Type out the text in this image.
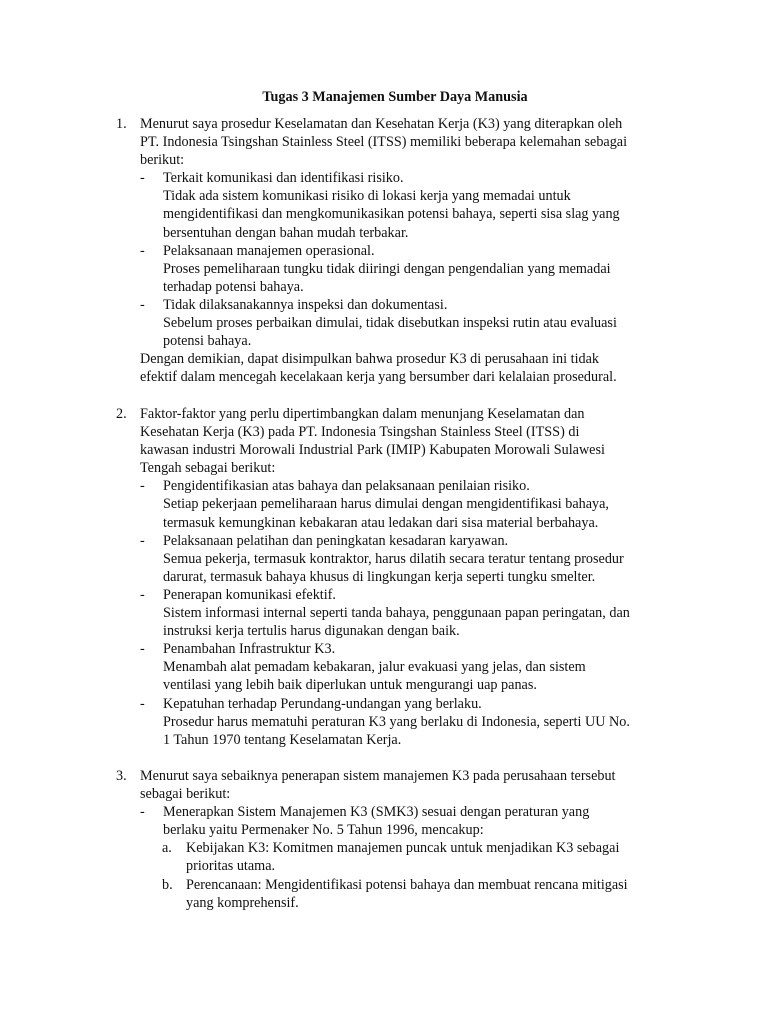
Tugas 3 Manajemen Sumber Daya Manusia
1. Menurut saya prosedur Keselamatan dan Kesehatan Kerja (K3) yang diterapkan oleh
PT. Indonesia Tsingshan Stainless Steel (ITSS) memiliki beberapa kelemahan sebagai
berikut:
- Terkait komunikasi dan identifikasi risiko.
Tidak ada sistem komunikasi risiko di lokasi kerja yang memadai untuk
mengidentifikasi dan mengkomunikasikan potensi bahaya, seperti sisa slag yang
bersentuhan dengan bahan mudah terbakar.
- Pelaksanaan manajemen operasional.
Proses pemeliharaan tungku tidak diiringi dengan pengendalian yang memadai
terhadap potensi bahaya.
- Tidak dilaksanakannya inspeksi dan dokumentasi.
Sebelum proses perbaikan dimulai, tidak disebutkan inspeksi rutin atau evaluasi
potensi bahaya.
Dengan demikian, dapat disimpulkan bahwa prosedur K3 di perusahaan ini tidak
efektif dalam mencegah kecelakaan kerja yang bersumber dari kelalaian prosedural.
2. Faktor-faktor yang perlu dipertimbangkan dalam menunjang Keselamatan dan
Kesehatan Kerja (K3) pada PT. Indonesia Tsingshan Stainless Steel (ITSS) di
kawasan industri Morowali Industrial Park (IMIP) Kabupaten Morowali Sulawesi
Tengah sebagai berikut:
- Pengidentifikasian atas bahaya dan pelaksanaan penilaian risiko.
Setiap pekerjaan pemeliharaan harus dimulai dengan mengidentifikasi bahaya,
termasuk kemungkinan kebakaran atau ledakan dari sisa material berbahaya.
- Pelaksanaan pelatihan dan peningkatan kesadaran karyawan.
Semua pekerja, termasuk kontraktor, harus dilatih secara teratur tentang prosedur
darurat, termasuk bahaya khusus di lingkungan kerja seperti tungku smelter.
- Penerapan komunikasi efektif.
Sistem informasi internal seperti tanda bahaya, penggunaan papan peringatan, dan
instruksi kerja tertulis harus digunakan dengan baik.
- Penambahan Infrastruktur K3.
Menambah alat pemadam kebakaran, jalur evakuasi yang jelas, dan sistem
ventilasi yang lebih baik diperlukan untuk mengurangi uap panas.
- Kepatuhan terhadap Perundang-undangan yang berlaku.
Prosedur harus mematuhi peraturan K3 yang berlaku di Indonesia, seperti UU No.
1 Tahun 1970 tentang Keselamatan Kerja.
3. Menurut saya sebaiknya penerapan sistem manajemen K3 pada perusahaan tersebut
sebagai berikut:
- Menerapkan Sistem Manajemen K3 (SMK3) sesuai dengan peraturan yang
berlaku yaitu Permenaker No. 5 Tahun 1996, mencakup:
a. Kebijakan K3: Komitmen manajemen puncak untuk menjadikan K3 sebagai
prioritas utama.
b. Perencanaan: Mengidentifikasi potensi bahaya dan membuat rencana mitigasi
yang komprehensif.
